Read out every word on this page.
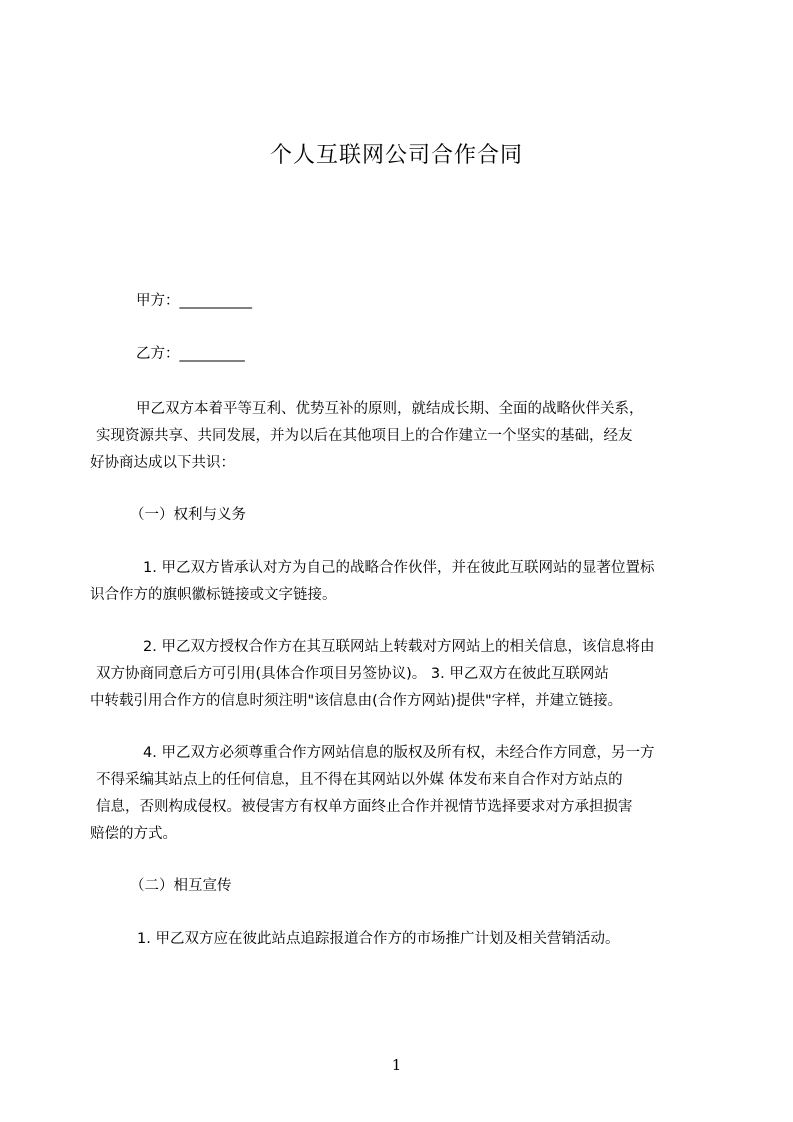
个人互联网公司合作合同
甲方：__________
乙方：_________
甲乙双方本着平等互利、优势互补的原则，就结成长期、全面的战略伙伴关系，
实现资源共享、共同发展，并为以后在其他项目上的合作建立一个坚实的基础，经友
好协商达成以下共识：
（一）权利与义务
1. 甲乙双方皆承认对方为自己的战略合作伙伴，并在彼此互联网站的显著位置标
识合作方的旗帜徽标链接或文字链接。
2. 甲乙双方授权合作方在其互联网站上转载对方网站上的相关信息，该信息将由
双方协商同意后方可引用(具体合作项目另签协议)。 3. 甲乙双方在彼此互联网站
中转载引用合作方的信息时须注明"该信息由(合作方网站)提供"字样，并建立链接。
4. 甲乙双方必须尊重合作方网站信息的版权及所有权，未经合作方同意，另一方
不得采编其站点上的任何信息，且不得在其网站以外媒 体发布来自合作对方站点的
信息，否则构成侵权。被侵害方有权单方面终止合作并视情节选择要求对方承担损害
赔偿的方式。
（二）相互宣传
1. 甲乙双方应在彼此站点追踪报道合作方的市场推广计划及相关营销活动。
1
